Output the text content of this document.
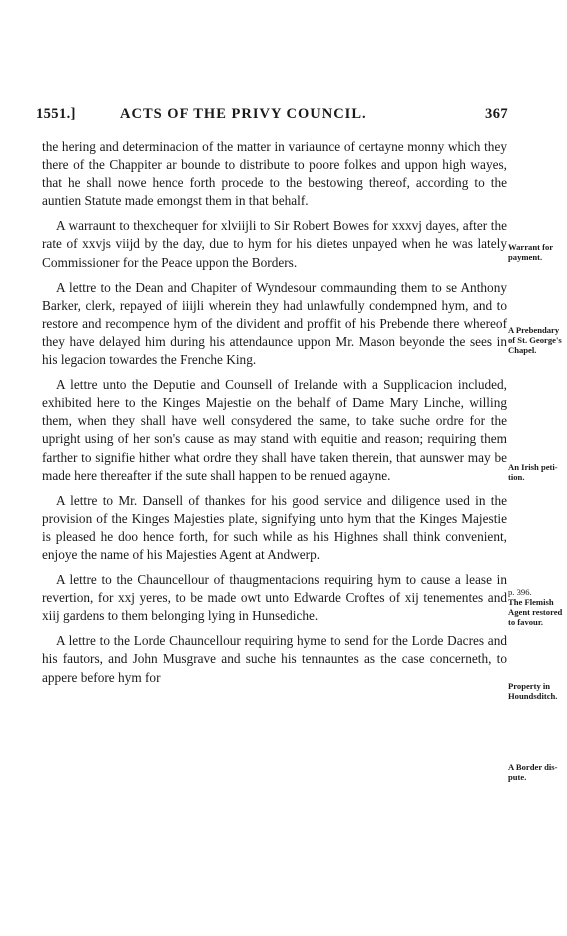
1551.]	ACTS OF THE PRIVY COUNCIL.	367

the hering and determinacion of the matter in variaunce of certayne monny which they there of the Chappiter ar bounde to distribute to poore folkes and uppon high wayes, that he shall nowe hence forth procede to the bestowing thereof, according to the auntien Statute made emongst them in that behalf.

A warraunt to thexchequer for xlviijli to Sir Robert Bowes for xxxvj dayes, after the rate of xxvjs viijd by the day, due to hym for his dietes unpayed when he was lately Commissioner for the Peace uppon the Borders.

A lettre to the Dean and Chapiter of Wyndesour commaunding them to se Anthony Barker, clerk, repayed of iiijli wherein they had unlawfully condempned hym, and to restore and recompence hym of the divident and proffit of his Prebende there whereof they have delayed him during his attendaunce uppon Mr. Mason beyonde the sees in his legacion towardes the Frenche King.

A lettre unto the Deputie and Counsell of Irelande with a Supplicacion included, exhibited here to the Kinges Majestie on the behalf of Dame Mary Linche, willing them, when they shall have well consydered the same, to take suche ordre for the upright using of her son's cause as may stand with equitie and reason; requiring them farther to signifie hither what ordre they shall have taken therein, that aunswer may be made here thereafter if the sute shall happen to be renued agayne.

A lettre to Mr. Dansell of thankes for his good service and diligence used in the provision of the Kinges Majesties plate, signifying unto hym that the Kinges Majestie is pleased he doo hence forth, for such while as his Highnes shall think convenient, enjoye the name of his Majesties Agent at Andwerp.

A lettre to the Chauncellour of thaugmentacions requiring hym to cause a lease in revertion, for xxj yeres, to be made owt unto Edwarde Croftes of xij tenementes and xiij gardens to them belonging lying in Hunsediche.

A lettre to the Lorde Chauncellour requiring hyme to send for the Lorde Dacres and his fautors, and John Musgrave and suche his tennauntes as the case concerneth, to appere before hym for

Warrant for
payment.
A Prebendary
of St. George's
Chapel.
An Irish peti-
tion.
p. 396.
The Flemish
Agent restored
to favour.
Property in
Houndsditch.
A Border dis-
pute.
